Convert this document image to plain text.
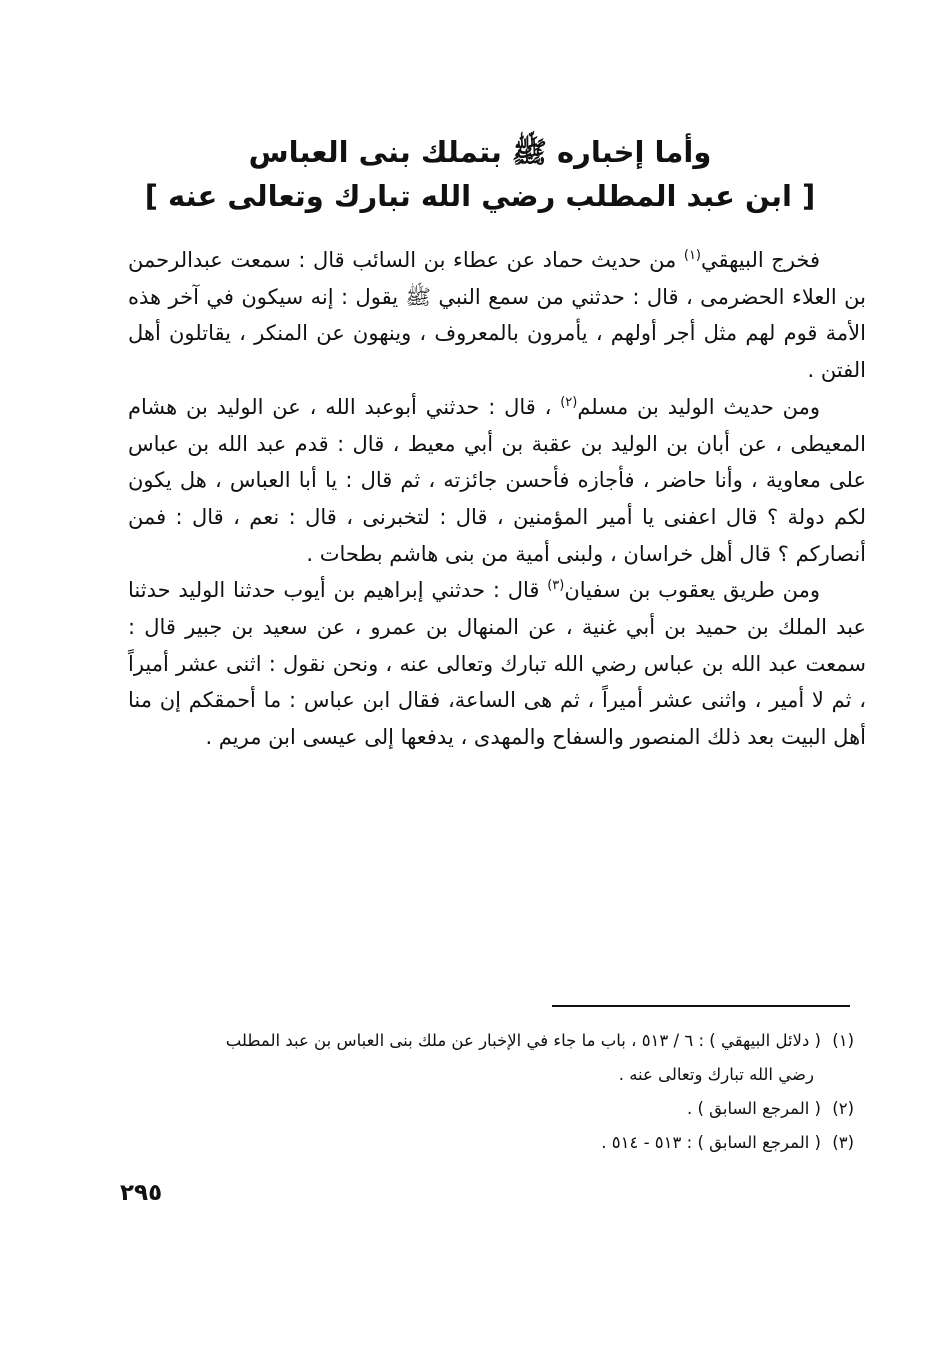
وأما إخباره ﷺ بتملك بنى العباس
[ ابن عبد المطلب رضي الله تبارك وتعالى عنه ]

فخرج البيهقي$^{(١)}$ من حديث حماد عن عطاء بن السائب قال : سمعت عبدالرحمن بن العلاء الحضرمى ، قال : حدثني من سمع النبي ﷺ يقول : إنه سيكون في آخر هذه الأمة قوم لهم مثل أجر أولهم ، يأمرون بالمعروف ، وينهون عن المنكر ، يقاتلون أهل الفتن .

ومن حديث الوليد بن مسلم$^{(٢)}$ ، قال : حدثني أبوعبد الله ، عن الوليد بن هشام المعيطى ، عن أبان بن الوليد بن عقبة بن أبي معيط ، قال : قدم عبد الله بن عباس على معاوية ، وأنا حاضر ، فأجازه فأحسن جائزته ، ثم قال : يا أبا العباس ، هل يكون لكم دولة ؟ قال اعفنى يا أمير المؤمنين ، قال : لتخبرنى ، قال : نعم ، قال : فمن أنصاركم ؟ قال أهل خراسان ، ولبنى أمية من بنى هاشم بطحات .

ومن طريق يعقوب بن سفيان$^{(٣)}$ قال : حدثني إبراهيم بن أيوب حدثنا الوليد حدثنا عبد الملك بن حميد بن أبي غنية ، عن المنهال بن عمرو ، عن سعيد بن جبير قال : سمعت عبد الله بن عباس رضي الله تبارك وتعالى عنه ، ونحن نقول : اثنى عشر أميراً ، ثم لا أمير ، واثنى عشر أميراً ، ثم هى الساعة، فقال ابن عباس : ما أحمقكم إن منا أهل البيت بعد ذلك المنصور والسفاح والمهدى ، يدفعها إلى عيسى ابن مريم .

(١) ( دلائل البيهقي ) : ٦ / ٥١٣ ، باب ما جاء في الإخبار عن ملك بنى العباس بن عبد المطلب
رضي الله تبارك وتعالى عنه .
(٢) ( المرجع السابق ) .
(٣) ( المرجع السابق ) : ٥١٣ - ٥١٤ .
٢٩٥
